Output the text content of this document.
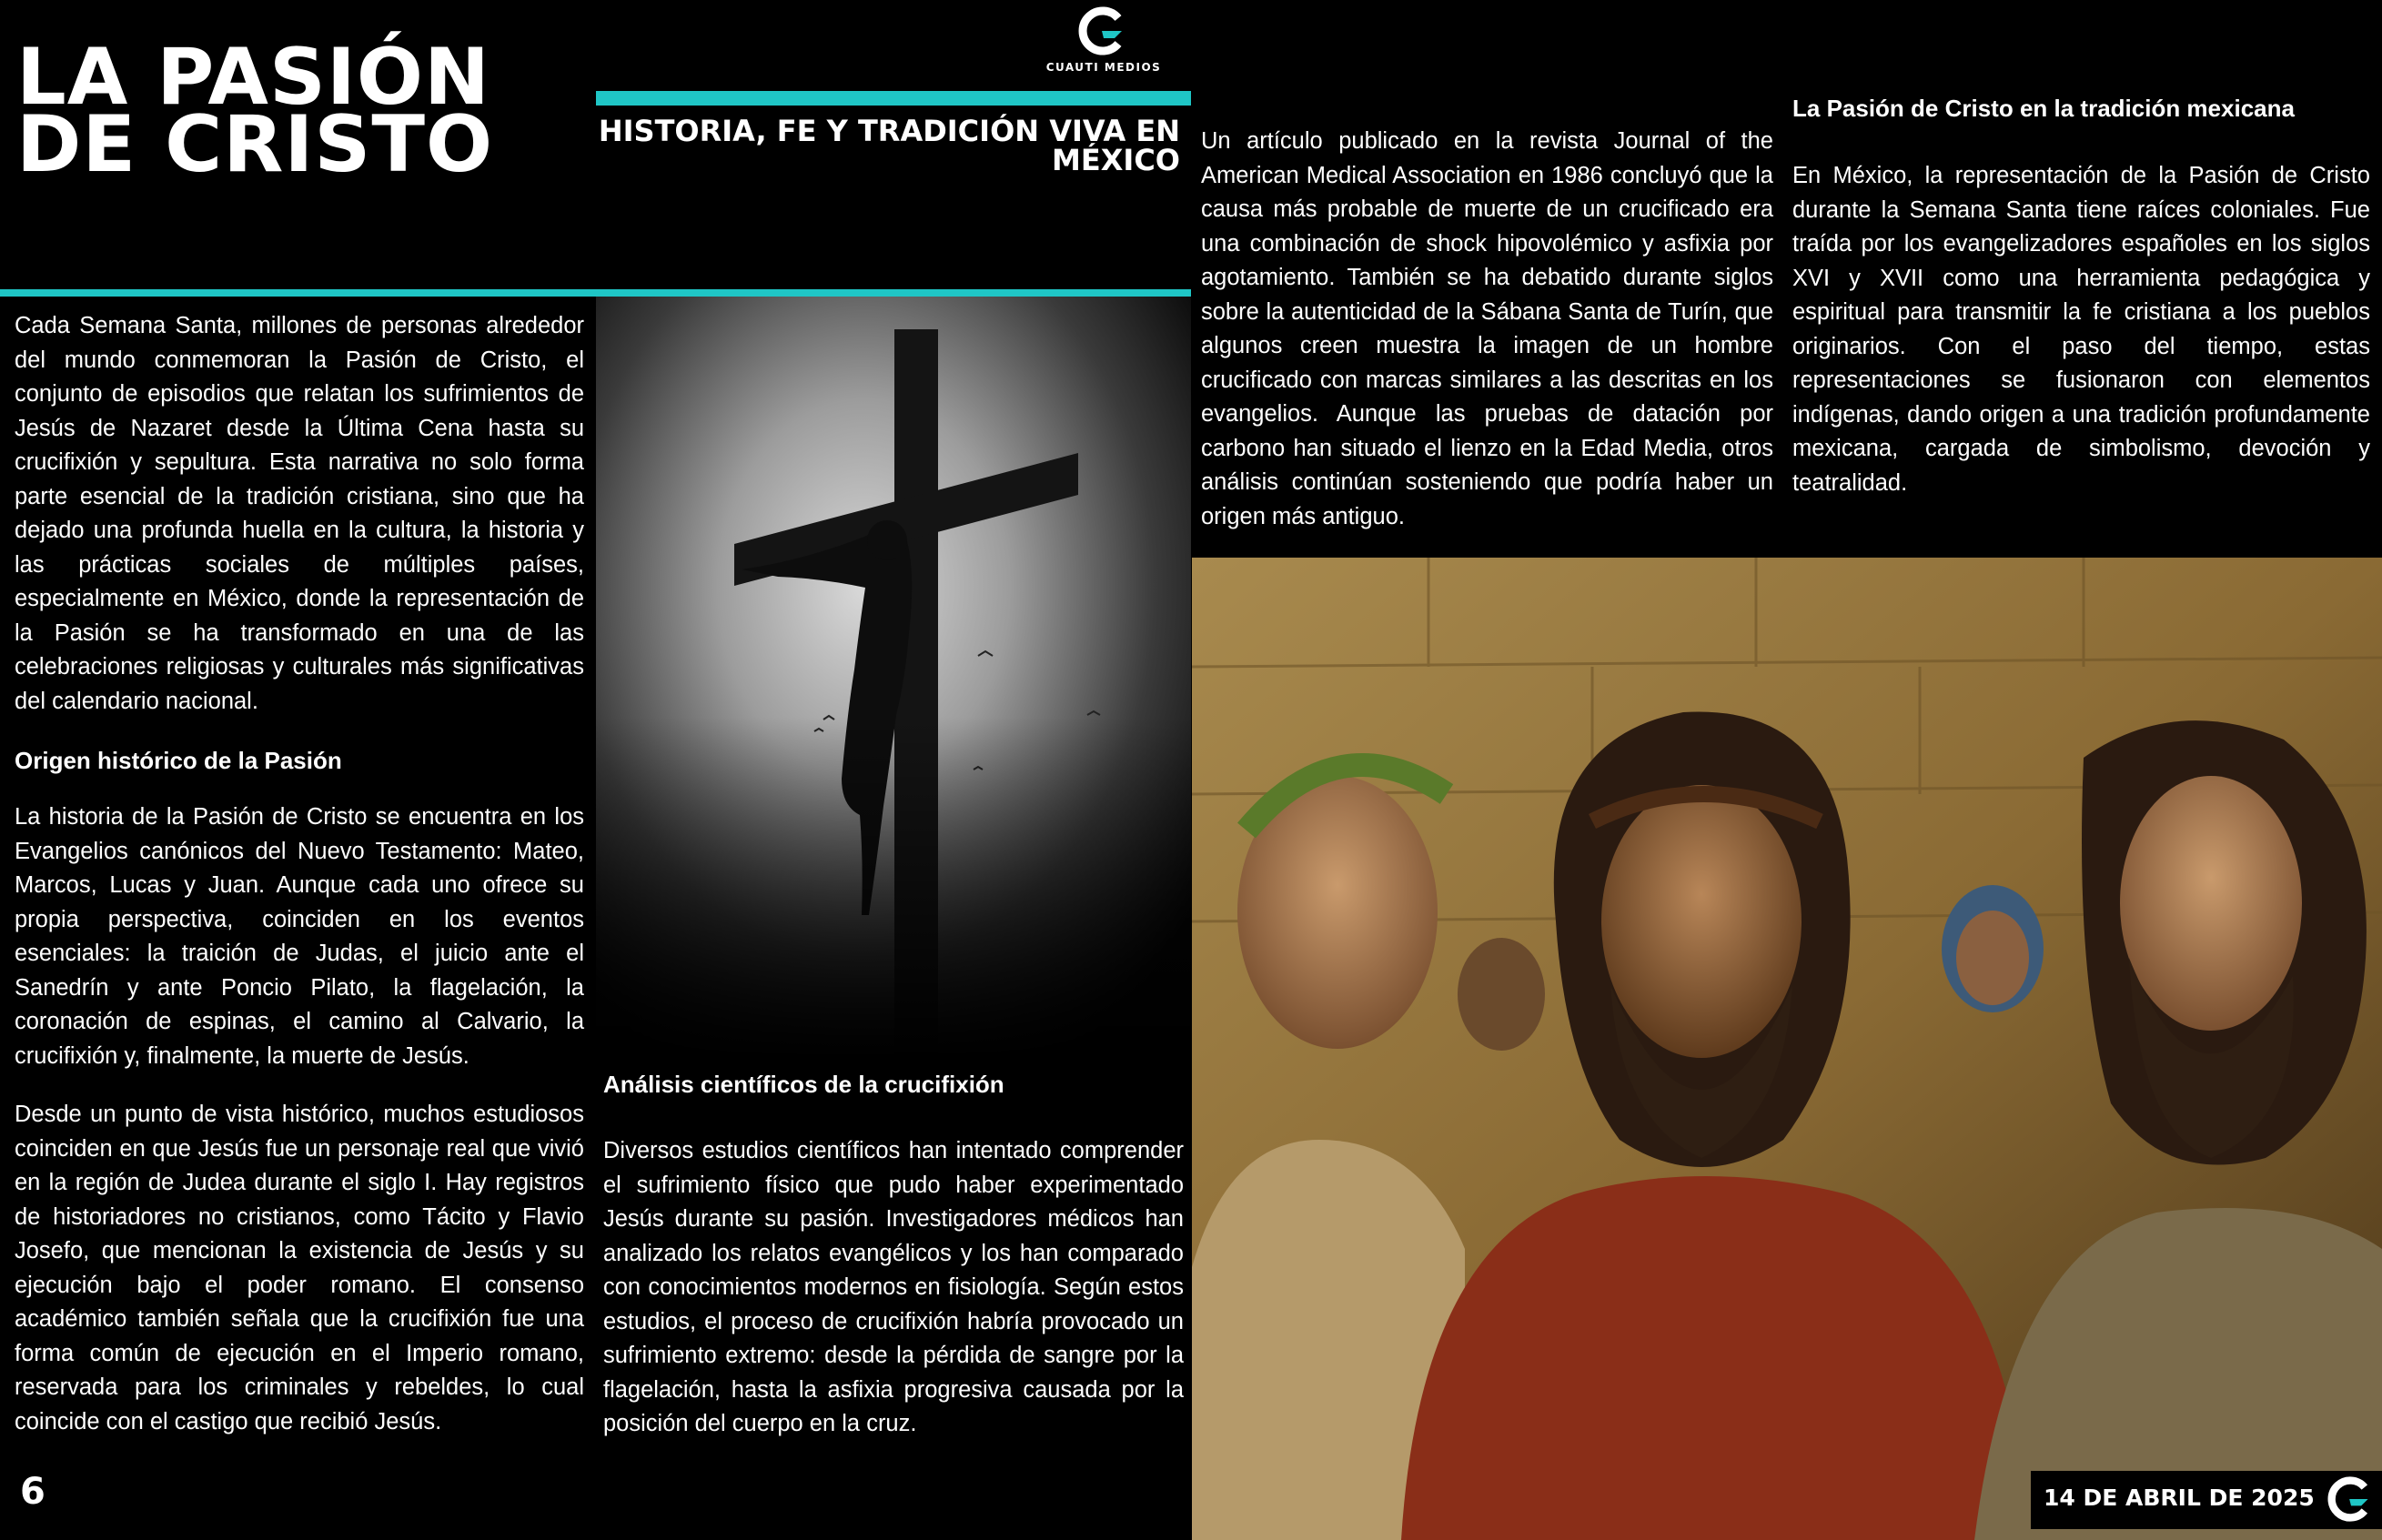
LA PASIÓN DE CRISTO	HISTORIA, FE Y TRADICIÓN VIVA EN MÉXICO
CUAUTI MEDIOS

Cada Semana Santa, millones de personas alrededor del mundo conmemoran la Pasión de Cristo, el conjunto de episodios que relatan los sufrimientos de Jesús de Nazaret desde la Última Cena hasta su crucifixión y sepultura. Esta narrativa no solo forma parte esencial de la tradición cristiana, sino que ha dejado una profunda huella en la cultura, la historia y las prácticas sociales de múltiples países, especialmente en México, donde la representación de la Pasión se ha transformado en una de las celebraciones religiosas y culturales más significativas del calendario nacional.

Origen histórico de la Pasión

La historia de la Pasión de Cristo se encuentra en los Evangelios canónicos del Nuevo Testamento: Mateo, Marcos, Lucas y Juan. Aunque cada uno ofrece su propia perspectiva, coinciden en los eventos esenciales: la traición de Judas, el juicio ante el Sanedrín y ante Poncio Pilato, la flagelación, la coronación de espinas, el camino al Calvario, la crucifixión y, finalmente, la muerte de Jesús.

Desde un punto de vista histórico, muchos estudiosos coinciden en que Jesús fue un personaje real que vivió en la región de Judea durante el siglo I. Hay registros de historiadores no cristianos, como Tácito y Flavio Josefo, que mencionan la existencia de Jesús y su ejecución bajo el poder romano. El consenso académico también señala que la crucifixión fue una forma común de ejecución en el Imperio romano, reservada para los criminales y rebeldes, lo cual coincide con el castigo que recibió Jesús.

Análisis científicos de la crucifixión

Diversos estudios científicos han intentado comprender el sufrimiento físico que pudo haber experimentado Jesús durante su pasión. Investigadores médicos han analizado los relatos evangélicos y los han comparado con conocimientos modernos en fisiología. Según estos estudios, el proceso de crucifixión habría provocado un sufrimiento extremo: desde la pérdida de sangre por la flagelación, hasta la asfixia progresiva causada por la posición del cuerpo en la cruz.

Un artículo publicado en la revista Journal of the American Medical Association en 1986 concluyó que la causa más probable de muerte de un crucificado era una combinación de shock hipovolémico y asfixia por agotamiento. También se ha debatido durante siglos sobre la autenticidad de la Sábana Santa de Turín, que algunos creen muestra la imagen de un hombre crucificado con marcas similares a las descritas en los evangelios. Aunque las pruebas de datación por carbono han situado el lienzo en la Edad Media, otros análisis continúan sosteniendo que podría haber un origen más antiguo.

La Pasión de Cristo en la tradición mexicana

En México, la representación de la Pasión de Cristo durante la Semana Santa tiene raíces coloniales. Fue traída por los evangelizadores españoles en los siglos XVI y XVII como una herramienta pedagógica y espiritual para transmitir la fe cristiana a los pueblos originarios. Con el paso del tiempo, estas representaciones se fusionaron con elementos indígenas, dando origen a una tradición profundamente mexicana, cargada de simbolismo, devoción y teatralidad.

6	14 DE ABRIL DE 2025
